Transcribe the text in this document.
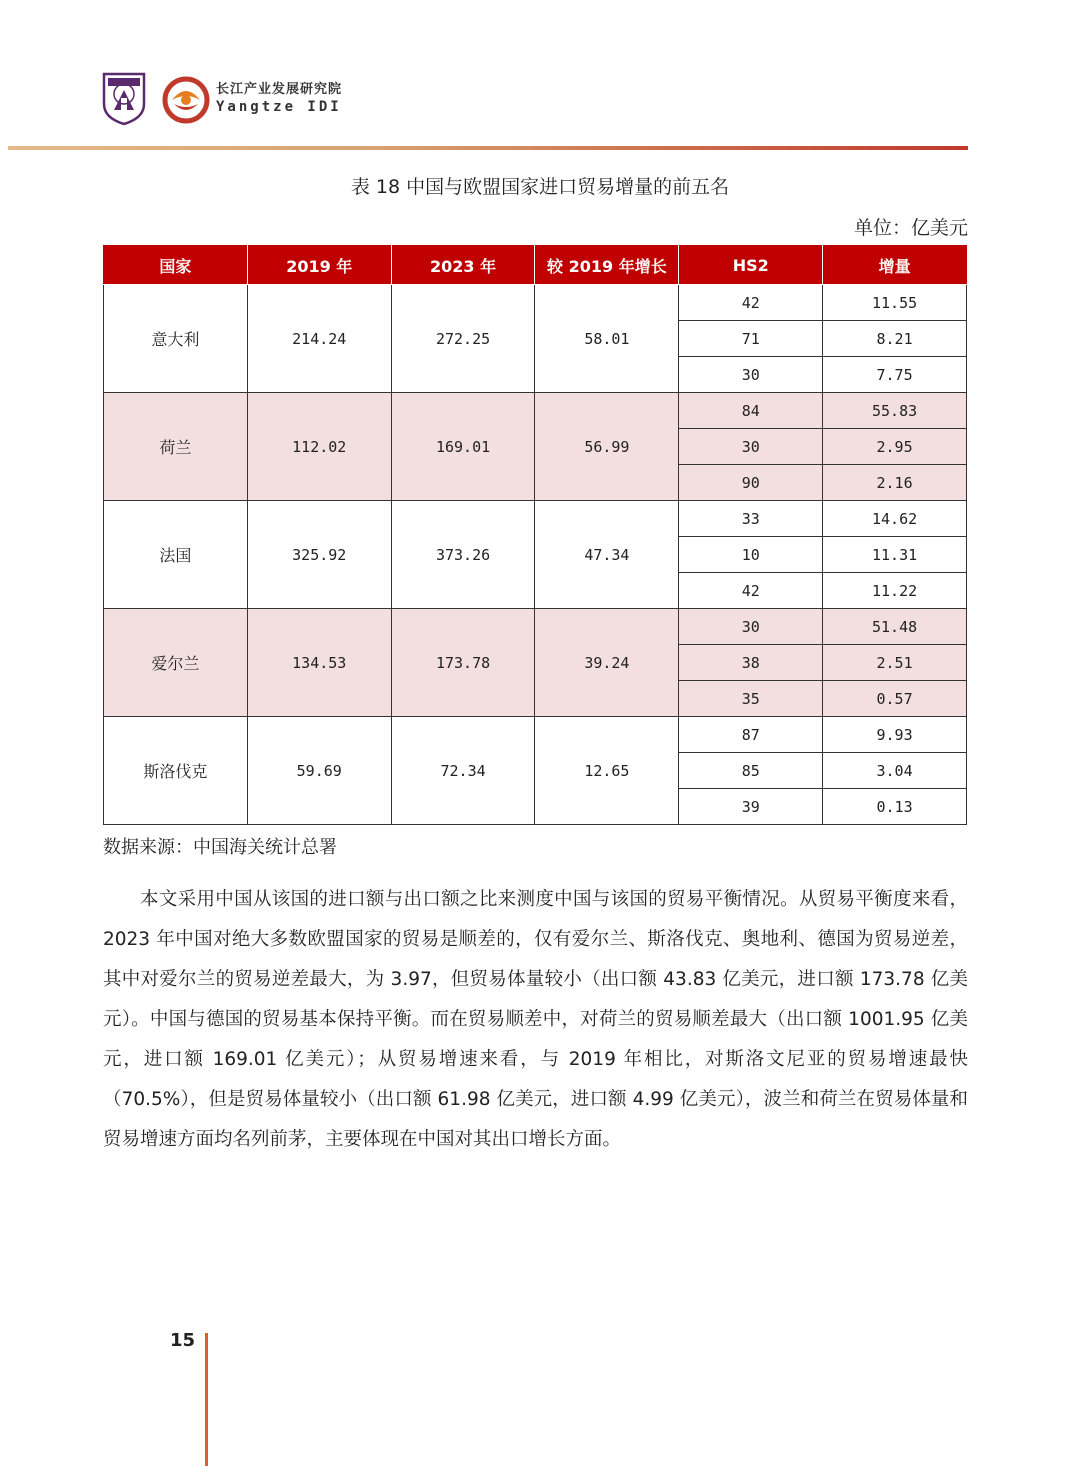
长江产业发展研究院
Yangtze IDI
表 18 中国与欧盟国家进口贸易增量的前五名
单位：亿美元
国家	2019 年	2023 年	较 2019 年增长	HS2	增量
意大利	214.24	272.25	58.01	42	11.55
				71	8.21
				30	7.75
荷兰	112.02	169.01	56.99	84	55.83
				30	2.95
				90	2.16
法国	325.92	373.26	47.34	33	14.62
				10	11.31
				42	11.22
爱尔兰	134.53	173.78	39.24	30	51.48
				38	2.51
				35	0.57
斯洛伐克	59.69	72.34	12.65	87	9.93
				85	3.04
				39	0.13
数据来源：中国海关统计总署
本文采用中国从该国的进口额与出口额之比来测度中国与该国的贸易平衡情况。从贸易平衡度来看，2023 年中国对绝大多数欧盟国家的贸易是顺差的，仅有爱尔兰、斯洛伐克、奥地利、德国为贸易逆差，其中对爱尔兰的贸易逆差最大，为 3.97，但贸易体量较小（出口额 43.83 亿美元，进口额 173.78 亿美元）。中国与德国的贸易基本保持平衡。而在贸易顺差中，对荷兰的贸易顺差最大（出口额 1001.95 亿美元，进口额 169.01 亿美元）；从贸易增速来看，与 2019 年相比，对斯洛文尼亚的贸易增速最快（70.5%），但是贸易体量较小（出口额 61.98 亿美元，进口额 4.99 亿美元），波兰和荷兰在贸易体量和贸易增速方面均名列前茅，主要体现在中国对其出口增长方面。
15
